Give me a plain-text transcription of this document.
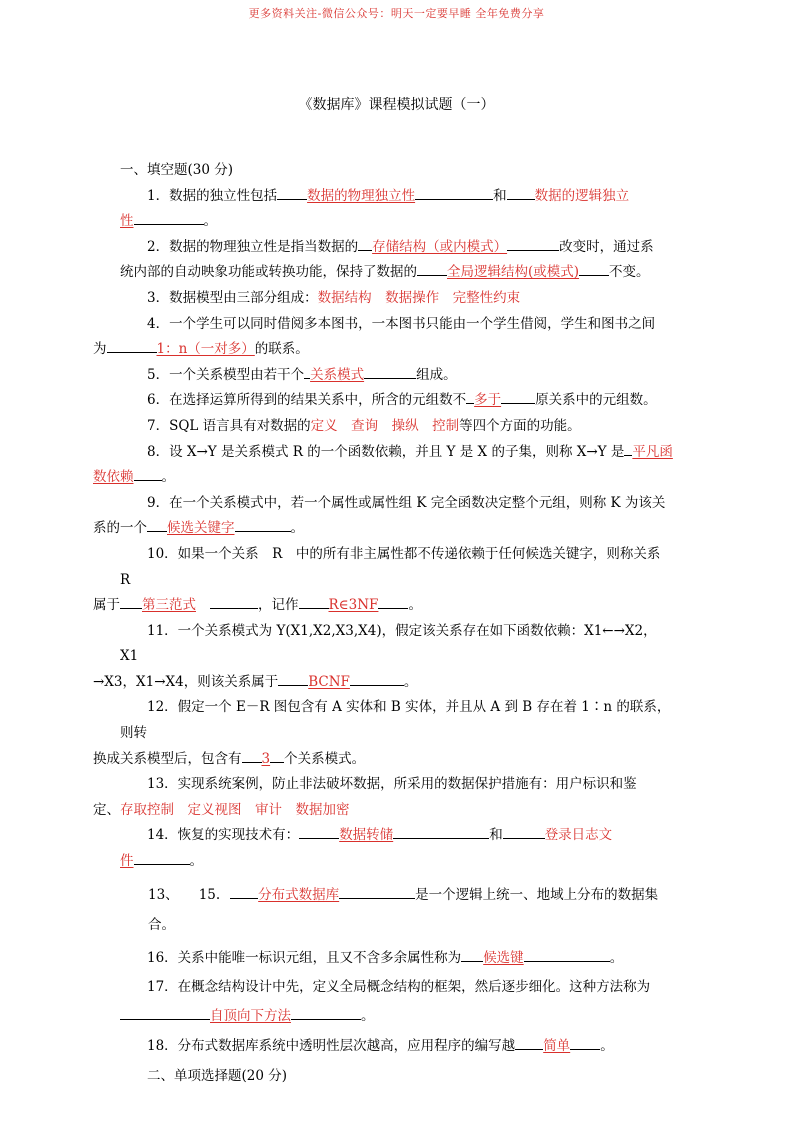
更多资料关注-微信公众号：明天一定要早睡 全年免费分享
《数据库》课程模拟试题（一）

一、填空题(30 分)

1．数据的独立性包括 数据的物理独立性	和 数据的逻辑独立
性	。

2．数据的物理独立性是指当数据的 存储结构（或内模式）	改变时，通过系
统内部的自动映象功能或转换功能，保持了数据的 全局逻辑结构(或模式) 不变。

3．数据模型由三部分组成：数据结构　数据操作　完整性约束

4．一个学生可以同时借阅多本图书，一本图书只能由一个学生借阅，学生和图书之间
为	1：n（一对多）的联系。

5．一个关系模型由若干个 关系模式	组成。

6．在选择运算所得到的结果关系中，所含的元组数不 多于	原关系中的元组数。

7．SQL 语言具有对数据的定义　查询　操纵　控制等四个方面的功能。

8．设 X→Y 是关系模式 R 的一个函数依赖，并且 Y 是 X 的子集，则称 X→Y 是 平凡函
数依赖 。

9．在一个关系模式中，若一个属性或属性组 K 完全函数决定整个元组，则称 K 为该关
系的一个 候选关键字	。

10．如果一个关系　R　中的所有非主属性都不传递依赖于任何候选关键字，则称关系　R
属于 第三范式	，记作 R∈3NF 。

11．一个关系模式为 Y(X1,X2,X3,X4)，假定该关系存在如下函数依赖：X1←→X2，X1
→X3，X1→X4，则该关系属于 BCNF	。

12．假定一个 E－R 图包含有 A 实体和 B 实体，并且从 A 到 B 存在着 1∶n 的联系，则转
换成关系模型后，包含有 3 个关系模式。

13．实现系统案例，防止非法破坏数据，所采用的数据保护措施有：用户标识和鉴
定、存取控制　定义视图　审计　数据加密

14．恢复的实现技术有：	数据转储	和	登录日志文
件	。

13、 15.	分布式数据库	是一个逻辑上统一、地域上分布的数据集
合。

16．关系中能唯一标识元组，且又不含多余属性称为 候选键	。

17．在概念结构设计中先，定义全局概念结构的框架，然后逐步细化。这种方法称为
自顶向下方法	。

18．分布式数据库系统中透明性层次越高，应用程序的编写越 简单 。

二、单项选择题(20 分)
